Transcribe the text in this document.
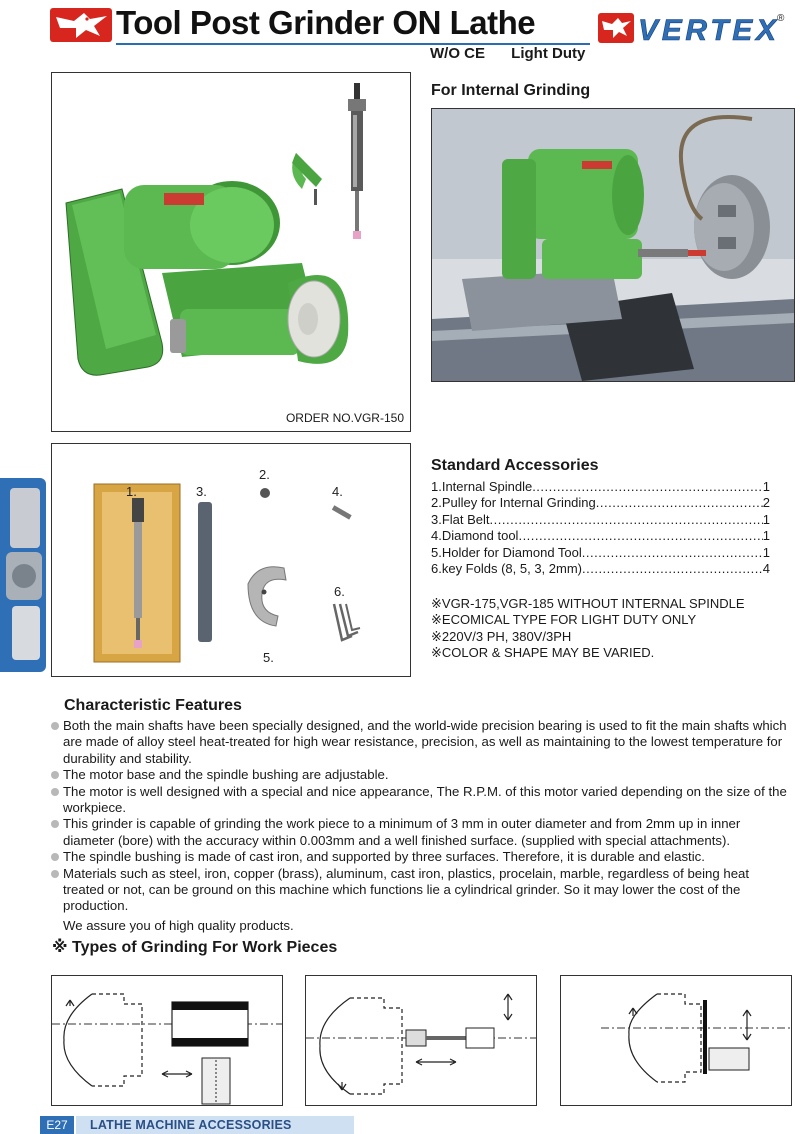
Tool Post Grinder ON Lathe
W/O CE Light Duty
VERTEX ®
ORDER NO.VGR-150
For Internal Grinding
1.
2.
3.	4.
5.
6.
Standard Accessories
1.Internal Spindle .....	1
2.Pulley for Internal Grinding .....	2
3.Flat Belt .....	1
4.Diamond tool .....	1
5.Holder for Diamond Tool .....	1
6.key Folds (8, 5, 3, 2mm) .....	4
※VGR-175,VGR-185 WITHOUT INTERNAL SPINDLE
※ECOMICAL TYPE FOR LIGHT DUTY ONLY
※220V/3 PH, 380V/3PH
※COLOR & SHAPE MAY BE VARIED.
Characteristic Features
Both the main shafts have been specially designed, and the world-wide precision bearing is used to fit the main shafts which are made of alloy steel heat-treated for high wear resistance, precision, as well as maintaining to the lowest temperature for durability and stability.
The motor base and the spindle bushing are adjustable.
The motor is well designed with a special and nice appearance, The R.P.M. of this motor varied depending on the size of the workpiece.
This grinder is capable of grinding the work piece to a minimum of 3 mm in outer diameter and from 2mm up in inner diameter (bore) with the accuracy within 0.003mm and a well finished surface. (supplied with special attachments).
The spindle bushing is made of cast iron, and supported by three surfaces. Therefore, it is durable and elastic.
Materials such as steel, iron, copper (brass), aluminum, cast iron, plastics, procelain, marble, regardless of being heat treated or not, can be ground on this machine which functions lie a cylindrical grinder. So it may lower the cost of the production.
We assure you of high quality products.
※ Types of Grinding For Work Pieces
E27	LATHE MACHINE ACCESSORIES
